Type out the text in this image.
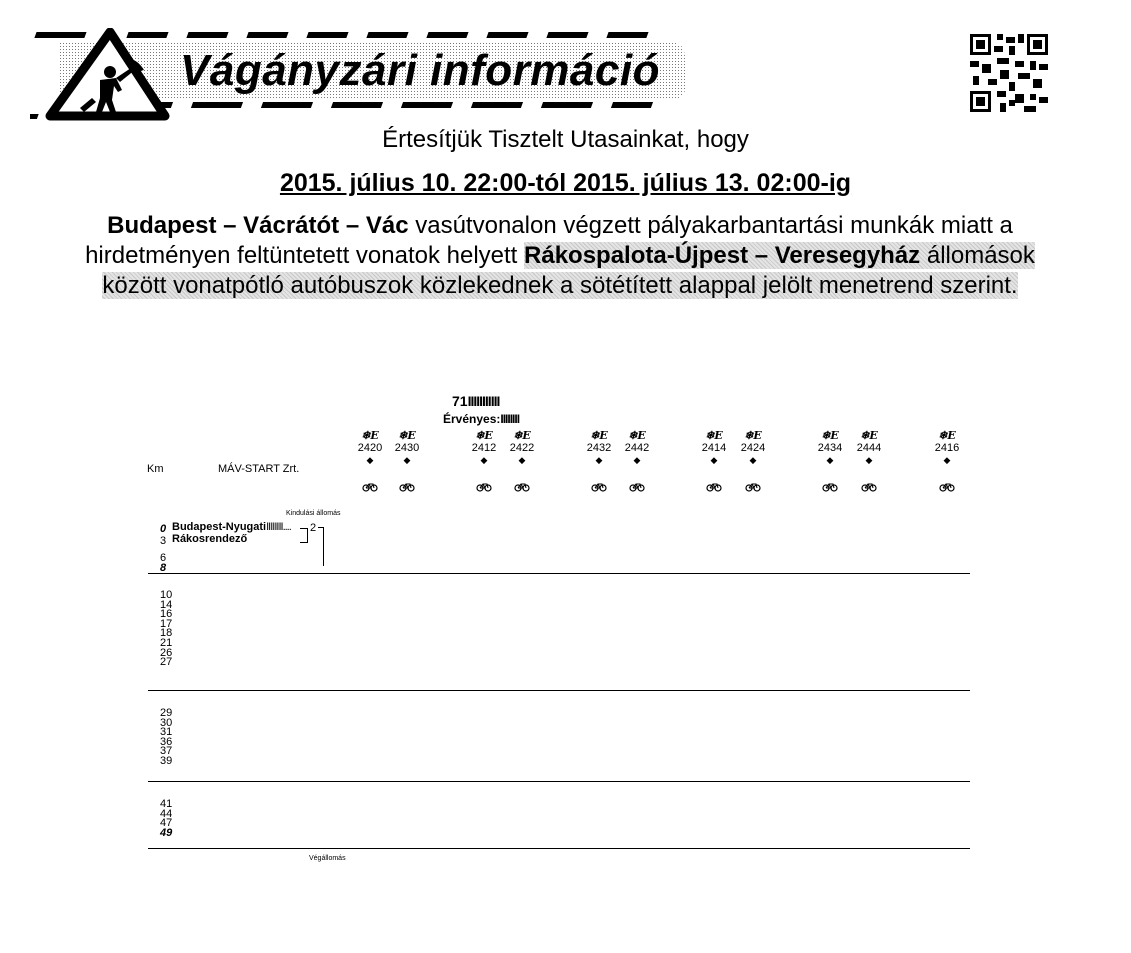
Vágányzári információ
Értesítjük Tisztelt Utasainkat, hogy
2015. július 10. 22:00-tól 2015. július 13. 02:00-ig
Budapest – Vácrátót – Vác vasútvonalon végzett pályakarbantartási munkák miatt a hirdetményen feltüntetett vonatok helyett Rákospalota-Újpest – Veresegyház állomások között vonatpótló autóbuszok közlekednek a sötétített alappal jelölt menetrend szerint.
71IIIIIIIIIII
Érvényes:IIIIIIII
Km	MÁV-START Zrt.
❄E
2420
◆
❄E
2430
◆
❄E
2412
◆
❄E
2422
◆
❄E
2432
◆
❄E
2442
◆
❄E
2414
◆
❄E
2424
◆
❄E
2434
◆
❄E
2444
◆
❄E
2416
◆
Kindulási állomás
0 Budapest-NyugatiIIIIIIII....
3 Rákosrendező
2
6
8
10
14
16
17
18
21
26
27
29
30
31
36
37
39
41
44
47
49
Végállomás
